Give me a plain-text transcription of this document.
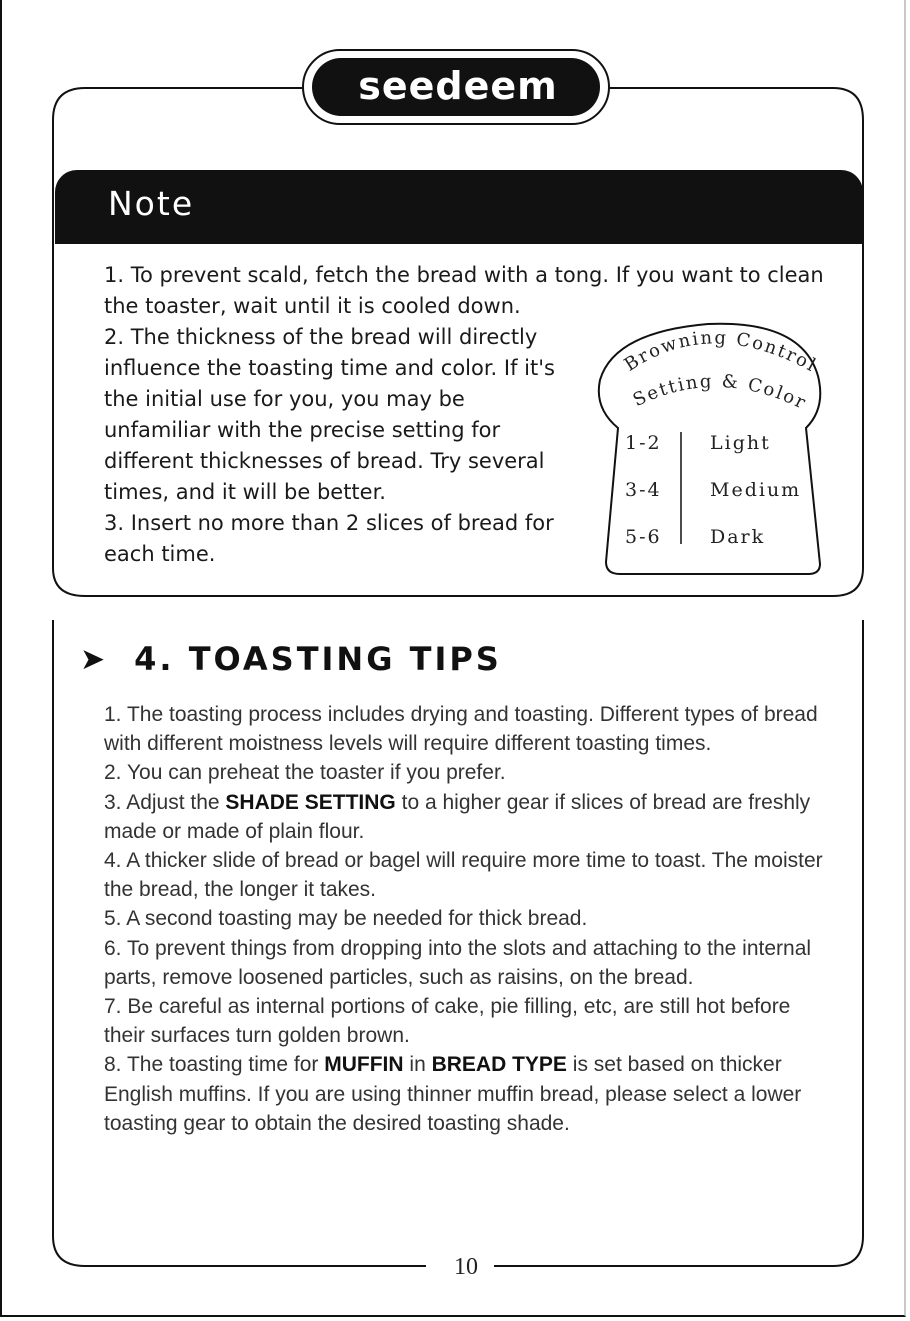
seedeem
Note

1. To prevent scald, fetch the bread with a tong. If you want to clean the toaster, wait until it is cooled down.

2. The thickness of the bread will directly influence the toasting time and color. If it's the initial use for you, you may be unfamiliar with the precise setting for different thicknesses of bread. Try several times, and it will be better.

3. Insert no more than 2 slices of bread for each time.

Browning Control
Setting & Color
1-2	Light
3-4	Medium
5-6	Dark
➤ 4. TOASTING TIPS

1. The toasting process includes drying and toasting. Different types of bread with different moistness levels will require different toasting times.

2. You can preheat the toaster if you prefer.

3. Adjust the SHADE SETTING to a higher gear if slices of bread are freshly made or made of plain flour.

4. A thicker slide of bread or bagel will require more time to toast. The moister the bread, the longer it takes.

5. A second toasting may be needed for thick bread.

6. To prevent things from dropping into the slots and attaching to the internal parts, remove loosened particles, such as raisins, on the bread.

7. Be careful as internal portions of cake, pie filling, etc, are still hot before their surfaces turn golden brown.

8. The toasting time for MUFFIN in BREAD TYPE is set based on thicker English muffins. If you are using thinner muffin bread, please select a lower toasting gear to obtain the desired toasting shade.

10
